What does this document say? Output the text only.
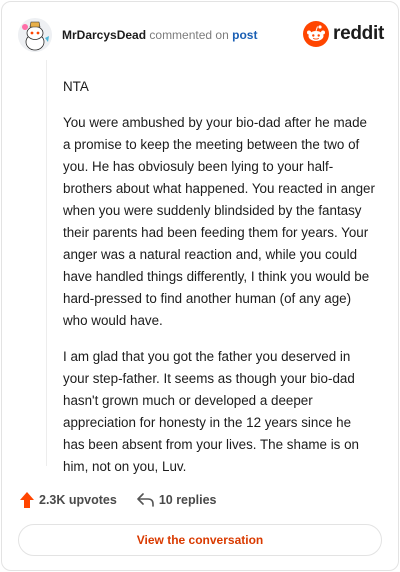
MrDarcysDead commented on post	reddit

NTA

You were ambushed by your bio-dad after he made a promise to keep the meeting between the two of you. He has obviosuly been lying to your half-brothers about what happened. You reacted in anger when you were suddenly blindsided by the fantasy their parents had been feeding them for years. Your anger was a natural reaction and, while you could have handled things differently, I think you would be hard-pressed to find another human (of any age) who would have.

I am glad that you got the father you deserved in your step-father. It seems as though your bio-dad hasn't grown much or developed a deeper appreciation for honesty in the 12 years since he has been absent from your lives. The shame is on him, not on you, Luv.

2.3K upvotes	10 replies
View the conversation
